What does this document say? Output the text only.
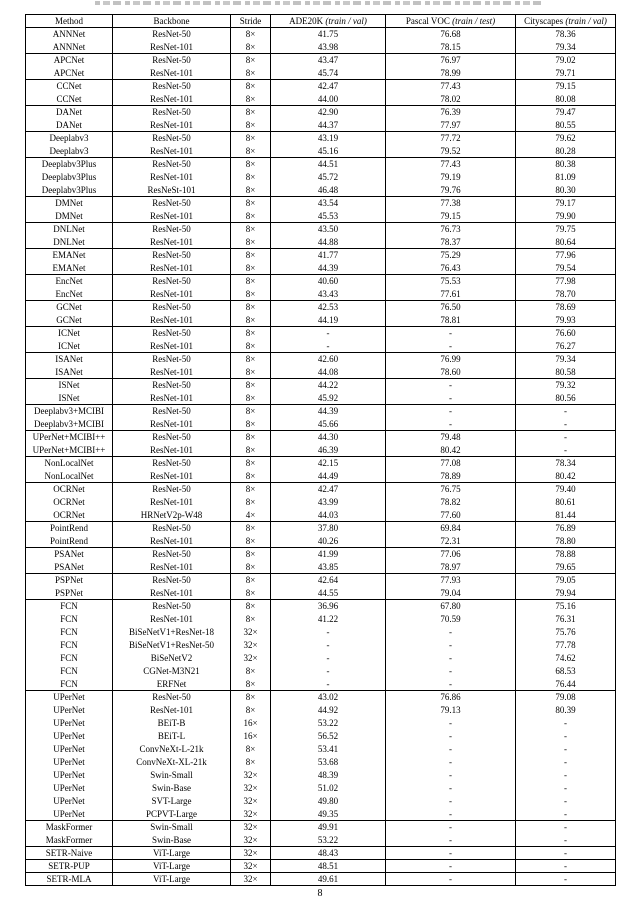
Method	Backbone	Stride	ADE20K (train / val)	Pascal VOC (train / test)	Cityscapes (train / val)
ANNNet	ResNet-50	8×	41.75	76.68	78.36
ANNNet	ResNet-101	8×	43.98	78.15	79.34
APCNet	ResNet-50	8×	43.47	76.97	79.02
APCNet	ResNet-101	8×	45.74	78.99	79.71
CCNet	ResNet-50	8×	42.47	77.43	79.15
CCNet	ResNet-101	8×	44.00	78.02	80.08
DANet	ResNet-50	8×	42.90	76.39	79.47
DANet	ResNet-101	8×	44.37	77.97	80.55
Deeplabv3	ResNet-50	8×	43.19	77.72	79.62
Deeplabv3	ResNet-101	8×	45.16	79.52	80.28
Deeplabv3Plus	ResNet-50	8×	44.51	77.43	80.38
Deeplabv3Plus	ResNet-101	8×	45.72	79.19	81.09
Deeplabv3Plus	ResNeSt-101	8×	46.48	79.76	80.30
DMNet	ResNet-50	8×	43.54	77.38	79.17
DMNet	ResNet-101	8×	45.53	79.15	79.90
DNLNet	ResNet-50	8×	43.50	76.73	79.75
DNLNet	ResNet-101	8×	44.88	78.37	80.64
EMANet	ResNet-50	8×	41.77	75.29	77.96
EMANet	ResNet-101	8×	44.39	76.43	79.54
EncNet	ResNet-50	8×	40.60	75.53	77.98
EncNet	ResNet-101	8×	43.43	77.61	78.70
GCNet	ResNet-50	8×	42.53	76.50	78.69
GCNet	ResNet-101	8×	44.19	78.81	79.93
ICNet	ResNet-50	8×	-	-	76.60
ICNet	ResNet-101	8×	-	-	76.27
ISANet	ResNet-50	8×	42.60	76.99	79.34
ISANet	ResNet-101	8×	44.08	78.60	80.58
ISNet	ResNet-50	8×	44.22	-	79.32
ISNet	ResNet-101	8×	45.92	-	80.56
Deeplabv3+MCIBI	ResNet-50	8×	44.39	-	-
Deeplabv3+MCIBI	ResNet-101	8×	45.66	-	-
UPerNet+MCIBI++	ResNet-50	8×	44.30	79.48	-
UPerNet+MCIBI++	ResNet-101	8×	46.39	80.42	-
NonLocalNet	ResNet-50	8×	42.15	77.08	78.34
NonLocalNet	ResNet-101	8×	44.49	78.89	80.42
OCRNet	ResNet-50	8×	42.47	76.75	79.40
OCRNet	ResNet-101	8×	43.99	78.82	80.61
OCRNet	HRNetV2p-W48	4×	44.03	77.60	81.44
PointRend	ResNet-50	8×	37.80	69.84	76.89
PointRend	ResNet-101	8×	40.26	72.31	78.80
PSANet	ResNet-50	8×	41.99	77.06	78.88
PSANet	ResNet-101	8×	43.85	78.97	79.65
PSPNet	ResNet-50	8×	42.64	77.93	79.05
PSPNet	ResNet-101	8×	44.55	79.04	79.94
FCN	ResNet-50	8×	36.96	67.80	75.16
FCN	ResNet-101	8×	41.22	70.59	76.31
FCN	BiSeNetV1+ResNet-18	32×	-	-	75.76
FCN	BiSeNetV1+ResNet-50	32×	-	-	77.78
FCN	BiSeNetV2	32×	-	-	74.62
FCN	CGNet-M3N21	8×	-	-	68.53
FCN	ERFNet	8×	-	-	76.44
UPerNet	ResNet-50	8×	43.02	76.86	79.08
UPerNet	ResNet-101	8×	44.92	79.13	80.39
UPerNet	BEiT-B	16×	53.22	-	-
UPerNet	BEiT-L	16×	56.52	-	-
UPerNet	ConvNeXt-L-21k	8×	53.41	-	-
UPerNet	ConvNeXt-XL-21k	8×	53.68	-	-
UPerNet	Swin-Small	32×	48.39	-	-
UPerNet	Swin-Base	32×	51.02	-	-
UPerNet	SVT-Large	32×	49.80	-	-
UPerNet	PCPVT-Large	32×	49.35	-	-
MaskFormer	Swin-Small	32×	49.91	-	-
MaskFormer	Swin-Base	32×	53.22	-	-
SETR-Naive	ViT-Large	32×	48.43	-	-
SETR-PUP	ViT-Large	32×	48.51	-	-
SETR-MLA	ViT-Large	32×	49.61	-	-
8
